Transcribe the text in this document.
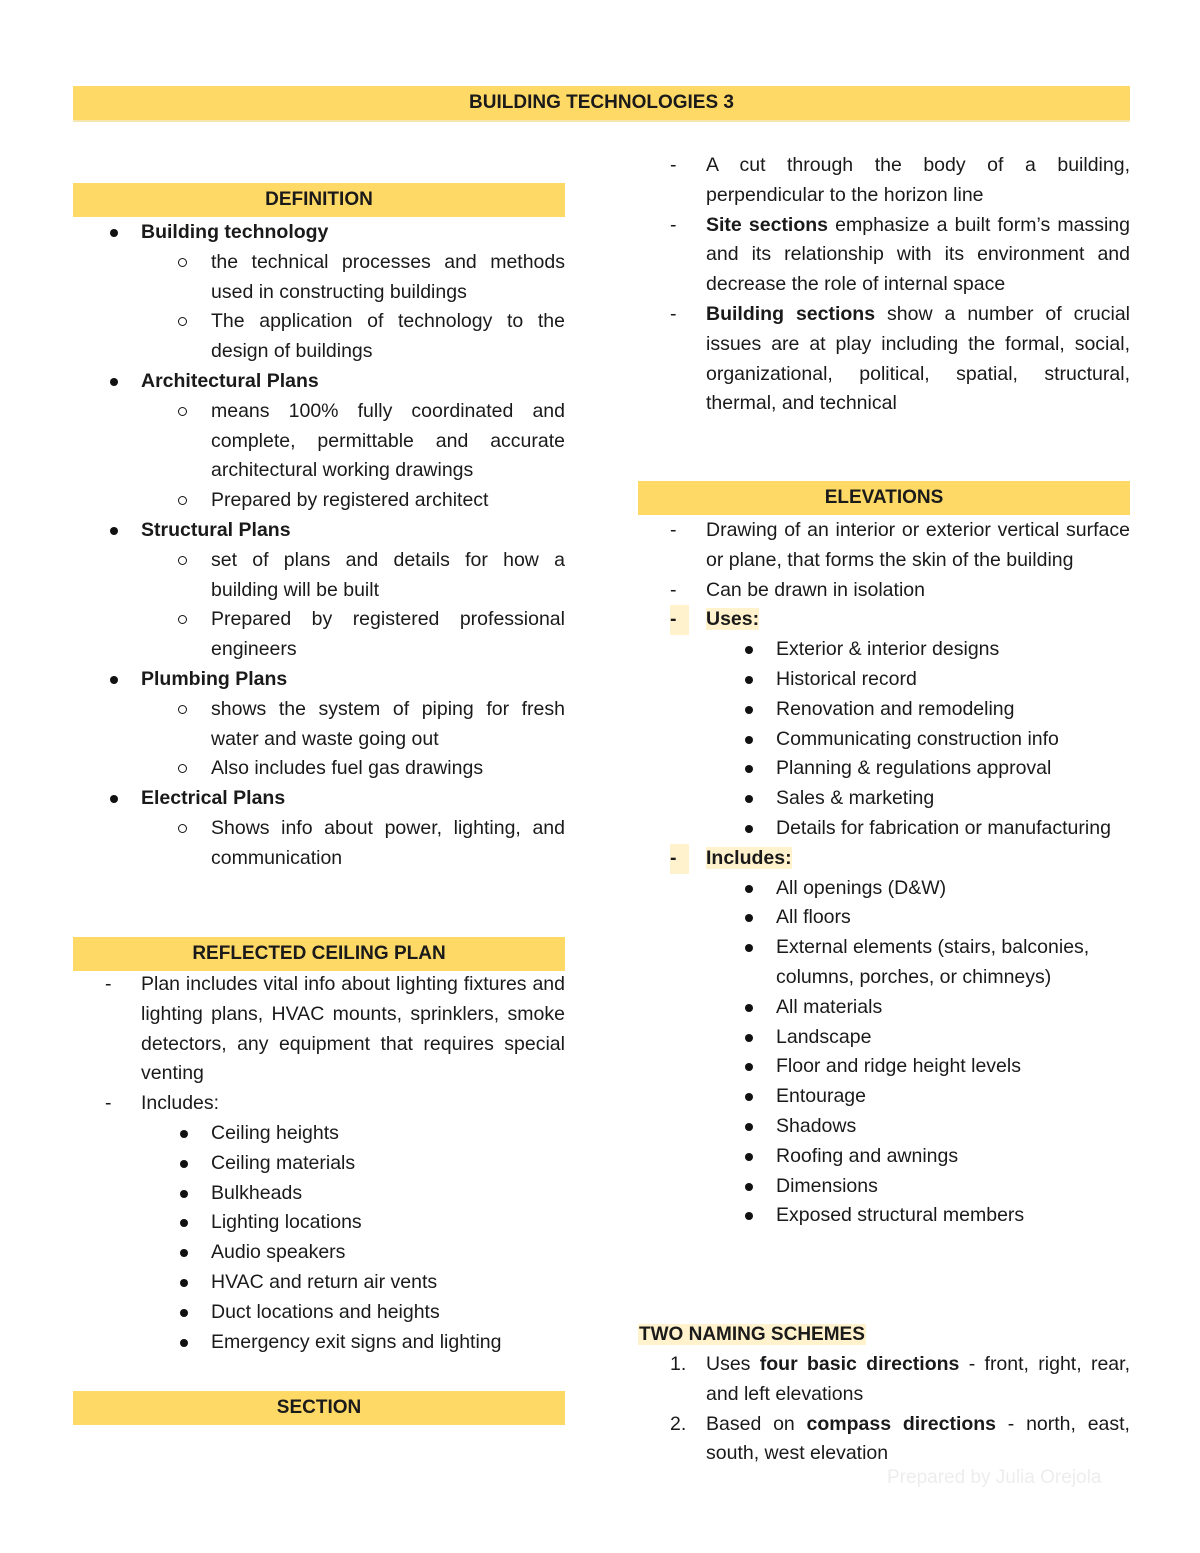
BUILDING TECHNOLOGIES 3
DEFINITION
Building technology
the technical processes and methods used in constructing buildings
The application of technology to the design of buildings
Architectural Plans
means 100% fully coordinated and complete, permittable and accurate architectural working drawings
Prepared by registered architect
Structural Plans
set of plans and details for how a building will be built
Prepared by registered professional engineers
Plumbing Plans
shows the system of piping for fresh water and waste going out
Also includes fuel gas drawings
Electrical Plans
Shows info about power, lighting, and communication
REFLECTED CEILING PLAN
- Plan includes vital info about lighting fixtures and lighting plans, HVAC mounts, sprinklers, smoke detectors, any equipment that requires special venting
- Includes:
Ceiling heights
Ceiling materials
Bulkheads
Lighting locations
Audio speakers
HVAC and return air vents
Duct locations and heights
Emergency exit signs and lighting
SECTION
- A cut through the body of a building, perpendicular to the horizon line
- Site sections emphasize a built form’s massing and its relationship with its environment and decrease the role of internal space
- Building sections show a number of crucial issues are at play including the formal, social, organizational, political, spatial, structural, thermal, and technical
ELEVATIONS
- Drawing of an interior or exterior vertical surface or plane, that forms the skin of the building
- Can be drawn in isolation
-	Uses:
Exterior & interior designs
Historical record
Renovation and remodeling
Communicating construction info
Planning & regulations approval
Sales & marketing
Details for fabrication or manufacturing
-	Includes:
All openings (D&W)
All floors
External elements (stairs, balconies, columns, porches, or chimneys)
All materials
Landscape
Floor and ridge height levels
Entourage
Shadows
Roofing and awnings
Dimensions
Exposed structural members
TWO NAMING SCHEMES
1. Uses four basic directions - front, right, rear, and left elevations
2. Based on compass directions - north, east, south, west elevation
Prepared by Julia Orejola
